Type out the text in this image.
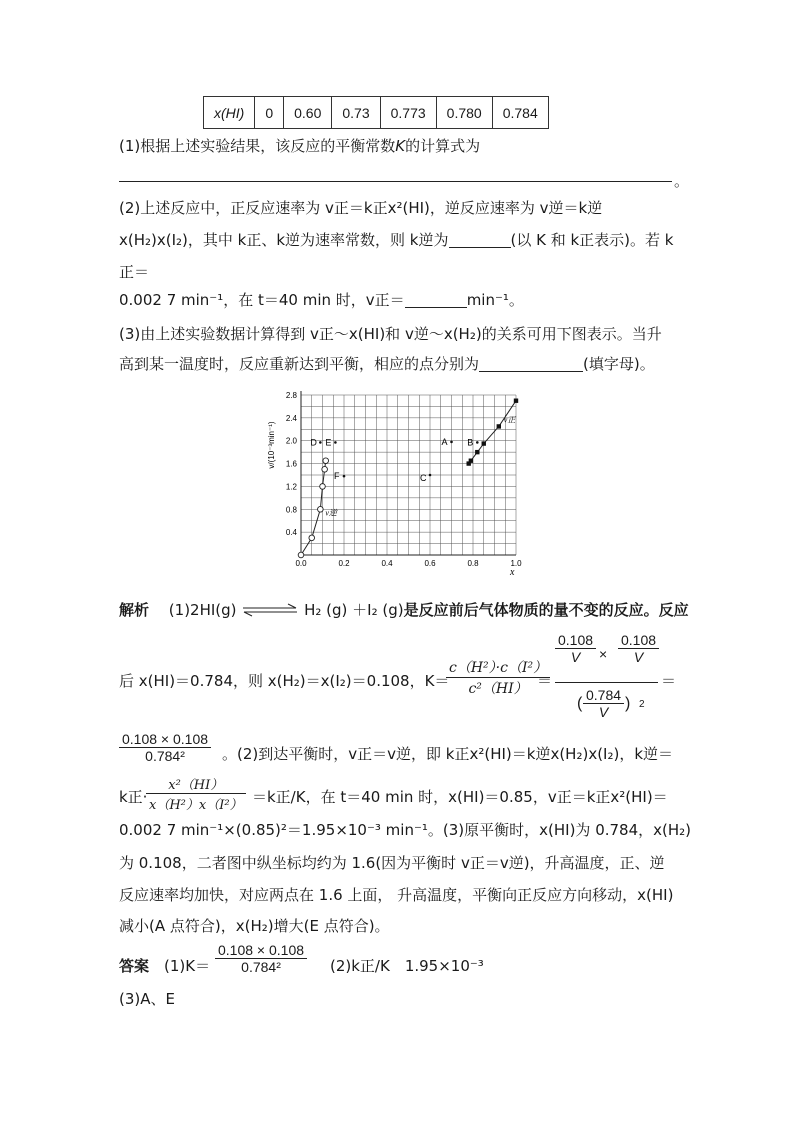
x(HI)	0	0.60	0.73	0.773	0.780	0.784
(1)根据上述实验结果，该反应的平衡常数K的计算式为
。
(2)上述反应中，正反应速率为 v正＝k正x²(HI)，逆反应速率为 v逆＝k逆
x(H₂)x(I₂)，其中 k正、k逆为速率常数，则 k逆为	(以 K 和 k正表示)。若 k
正＝
0.002 7 min⁻¹，在 t＝40 min 时，v正＝	min⁻¹。
(3)由上述实验数据计算得到 v正～x(HI)和 v逆～x(H₂)的关系可用下图表示。当升
高到某一温度时，反应重新达到平衡，相应的点分别为	(填字母)。
0.0	0.2	0.4	0.6	0.8	1.0
0.4
0.8
1.2
1.6
2.0
2.4
2.8
x
v/(10⁻³min⁻¹)
v逆
v正
D E
F
A B
C
解析　 (1)2HI(g) ⇌ H₂ (g) ＋I₂ (g)是反应前后气体物质的量不变的反应。反应
后 x(HI)＝0.784，则 x(H₂)＝x(I₂)＝0.108，K＝
$\frac{\text{c（H²）·c（I²）}}{\text{c²（HI）}}$
＝
$\frac{0.108}{V} \times \frac{0.108}{V}$
( $\frac{0.784}{V}$ ) 2
＝
$\frac{0.108 \times 0.108}{\text{0.784²}}$ 。(2)到达平衡时，v正＝v逆，即 k正x²(HI)＝k逆x(H₂)x(I₂)，k逆＝
k正·
$\frac{\text{x²（HI）}}{\text{x（H²）x（I²）}} =k$正/K，在 t＝40 min 时，x(HI)＝0.85，v正＝k正x²(HI)＝
0.002 7 min⁻¹×(0.85)²＝1.95×10⁻³ min⁻¹。(3)原平衡时，x(HI)为 0.784，x(H₂)
为 0.108，二者图中纵坐标均约为 1.6(因为平衡时 v正＝v逆)，升高温度，正、逆
反应速率均加快，对应两点在 1.6 上面， 升高温度，平衡向正反应方向移动，x(HI)
减小(A 点符合)，x(H₂)增大(E 点符合)。
答案　 $(1)K= \frac{0.108 \times 0.108}{\text{0.784²}} (2)k$正/K　1.95×10⁻³
(3)A、E
